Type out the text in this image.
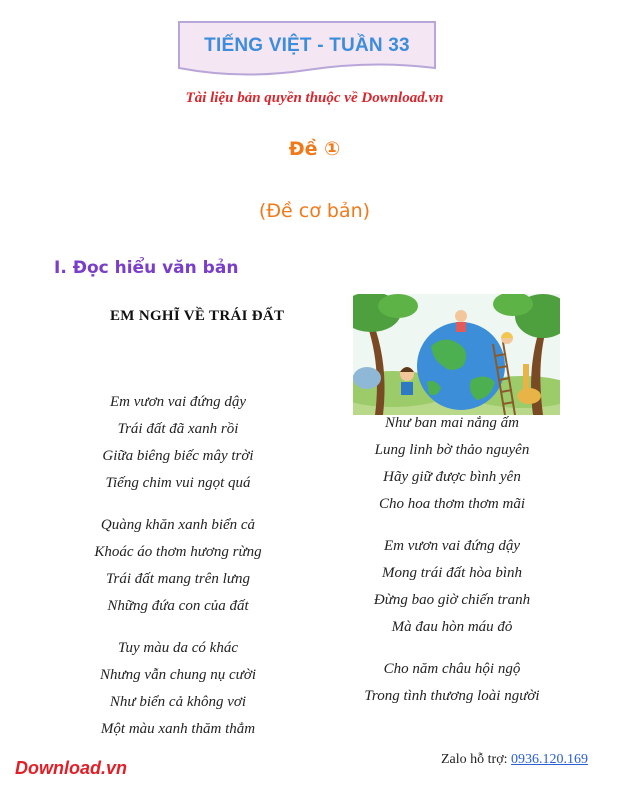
TIẾNG VIỆT - TUẦN 33
Tài liệu bản quyền thuộc về Download.vn
Đề ①
(Đề cơ bản)
I. Đọc hiểu văn bản
EM NGHĨ VỀ TRÁI ĐẤT
Em vươn vai đứng dậy
Trái đất đã xanh rồi
Giữa biêng biếc mây trời
Tiếng chim vui ngọt quá
Quàng khăn xanh biển cả
Khoác áo thơm hương rừng
Trái đất mang trên lưng
Những đứa con của đất
Tuy màu da có khác
Nhưng vẫn chung nụ cười
Như biển cả không vơi
Một màu xanh thăm thẳm
Như ban mai nắng ấm
Lung linh bờ thảo nguyên
Hãy giữ được bình yên
Cho hoa thơm thơm mãi
Em vươn vai đứng dậy
Mong trái đất hòa bình
Đừng bao giờ chiến tranh
Mà đau hòn máu đỏ
Cho năm châu hội ngộ
Trong tình thương loài người
Download.vn	Zalo hỗ trợ: 0936.120.169
